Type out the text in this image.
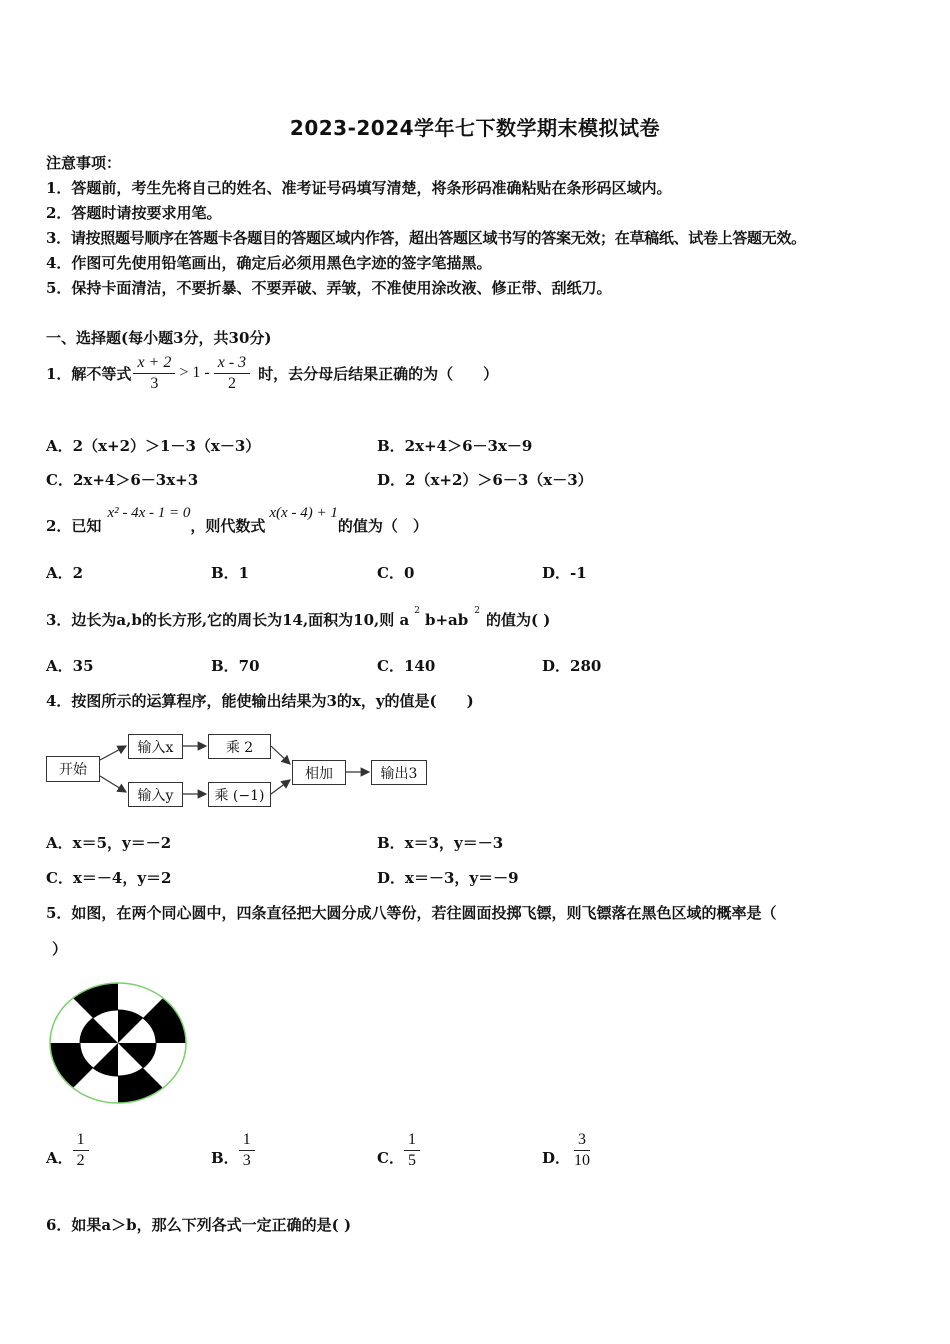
2023-2024学年七下数学期末模拟试卷
注意事项：
1．答题前，考生先将自己的姓名、准考证号码填写清楚，将条形码准确粘贴在条形码区域内。
2．答题时请按要求用笔。
3．请按照题号顺序在答题卡各题目的答题区域内作答，超出答题区域书写的答案无效；在草稿纸、试卷上答题无效。
4．作图可先使用铅笔画出，确定后必须用黑色字迹的签字笔描黑。
5．保持卡面清洁，不要折暴、不要弄破、弄皱，不准使用涂改液、修正带、刮纸刀。
一、选择题(每小题3分，共30分)
1．解不等式 $\frac{x + 2}{3} > 1 - \frac{x - 3}{2}$ 时，去分母后结果正确的为（　　）
A．2（x+2）＞1－3（x－3）	B．2x+4＞6－3x－9
C．2x+4＞6－3x+3	D．2（x+2）＞6－3（x－3）
2．已知
x² - 4x - 1 = 0
，则代数式
x(x - 4) + 1
的值为（　）
A．2	B．1	C．0	D．-1
3．边长为a,b的长方形,它的周长为14,面积为10,则 a $^2$ b+ab $^2$ 的值为( )
A．35	B．70	C．140	D．280
4．按图所示的运算程序，能使输出结果为3的x，y的值是(　　)
开始
输入x	乘 2
输入y	乘 (−1)
相加	输出3
A．x＝5，y＝－2	B．x＝3，y＝－3
C．x＝－4，y＝2	D．x＝－3，y＝－9
5．如图，在两个同心圆中，四条直径把大圆分成八等份，若往圆面投掷飞镖，则飞镖落在黑色区域的概率是（
）
A． $\frac{1}{2}$	B． $\frac{1}{3}$	C． $\frac{1}{5}$	D． $\frac{3}{10}$
6．如果a＞b，那么下列各式一定正确的是( )
